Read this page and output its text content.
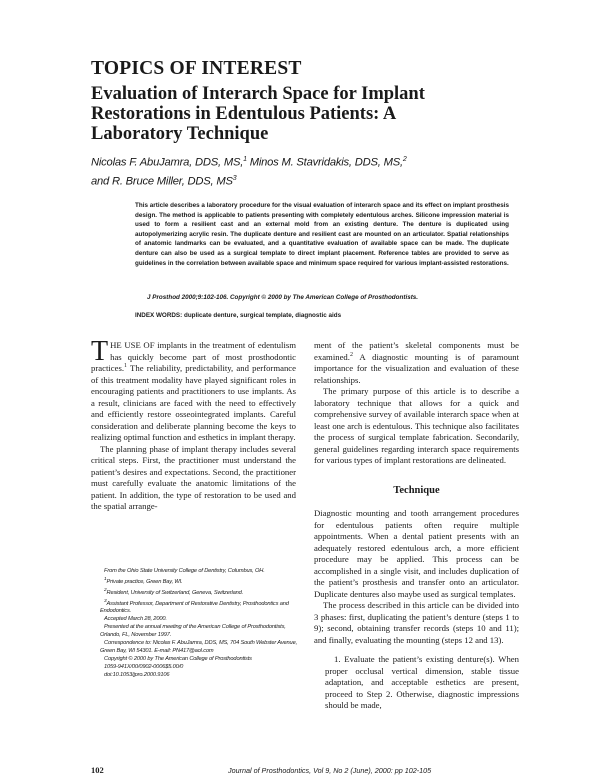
TOPICS OF INTEREST
Evaluation of Interarch Space for Implant
Restorations in Edentulous Patients: A
Laboratory Technique
Nicolas F. AbuJamra, DDS, MS,$^1$ Minos M. Stavridakis, DDS, MS,$^2$
and R. Bruce Miller, DDS, $MS^3$
This article describes a laboratory procedure for the visual evaluation of interarch space and its effect on implant prosthesis design. The method is applicable to patients presenting with completely edentulous arches. Silicone impression material is used to form a resilient cast and an external mold from an existing denture. The denture is duplicated using autopolymerizing acrylic resin. The duplicate denture and resilient cast are mounted on an articulator. Spatial relationships of anatomic landmarks can be evaluated, and a quantitative evaluation of available space can be made. The duplicate denture can also be used as a surgical template to direct implant placement. Reference tables are provided to serve as guidelines in the correlation between available space and minimum space required for various implant-assisted restorations.
J Prosthod 2000;9:102-106. Copyright © 2000 by The American College of Prosthodontists.
INDEX WORDS: duplicate denture, surgical template, diagnostic aids

THE USE OF implants in the treatment of edentulism has quickly become part of most prosthodontic practices.$^1$ The reliability, predictability, and performance of this treatment modality have played significant roles in encouraging patients and practitioners to use implants. As a result, clinicians are faced with the need to effectively and efficiently restore osseointegrated implants. Careful consideration and deliberate planning become the keys to realizing optimal function and esthetics in implant therapy.

The planning phase of implant therapy includes several critical steps. First, the practitioner must understand the patient’s desires and expectations. Second, the practitioner must carefully evaluate the anatomic limitations of the patient. In addition, the type of restoration to be used and the spatial arrange-

ment of the patient’s skeletal components must be examined.$^2$ A diagnostic mounting is of paramount importance for the visualization and evaluation of these relationships.

The primary purpose of this article is to describe a laboratory technique that allows for a quick and comprehensive survey of available interarch space when at least one arch is edentulous. This technique also facilitates the process of surgical template fabrication. Secondarily, general guidelines regarding interarch space requirements for various types of implant restorations are delineated.

Technique

Diagnostic mounting and tooth arrangement procedures for edentulous patients often require multiple appointments. When a dental patient presents with an adequately restored edentulous arch, a more efficient procedure may be applied. This process can be accomplished in a single visit, and includes duplication of the patient’s prosthesis and transfer onto an articulator. Duplicate dentures also maybe used as surgical templates.

The process described in this article can be divided into 3 phases: first, duplicating the patient’s denture (steps 1 to 9); second, obtaining transfer records (steps 10 and 11); and finally, evaluating the mounting (steps 12 and 13).

1. Evaluate the patient’s existing denture(s). When proper occlusal vertical dimension, stable tissue adaptation, and acceptable esthetics are present, proceed to Step 2. Otherwise, diagnostic impressions should be made,

From the Ohio State University College of Dentistry, Columbus, OH.
$^1$Private practice, Green Bay, WI.
$^2$Resident, University of Switzerland, Geneva, Switzerland.
$^3$Assistant Professor, Department of Restorative Dentistry, Prosthodontics and Endodontics.
Accepted March 28, 2000.
Presented at the annual meeting of the American College of Prosthodontists, Orlando, FL, November 1997.
Correspondence to: Nicolas F. AbuJamra, DDS, MS, 704 South Webster Avenue, Green Bay, WI 54301. E-mail: PN417@aol.com
Copyright © 2000 by The American College of Prosthodontists
1059-941X/00/0902-0006$5.00/0
doi:10.1053/jpro.2000.9106
102	Journal of Prosthodontics, Vol 9, No 2 (June), 2000: pp 102-105
